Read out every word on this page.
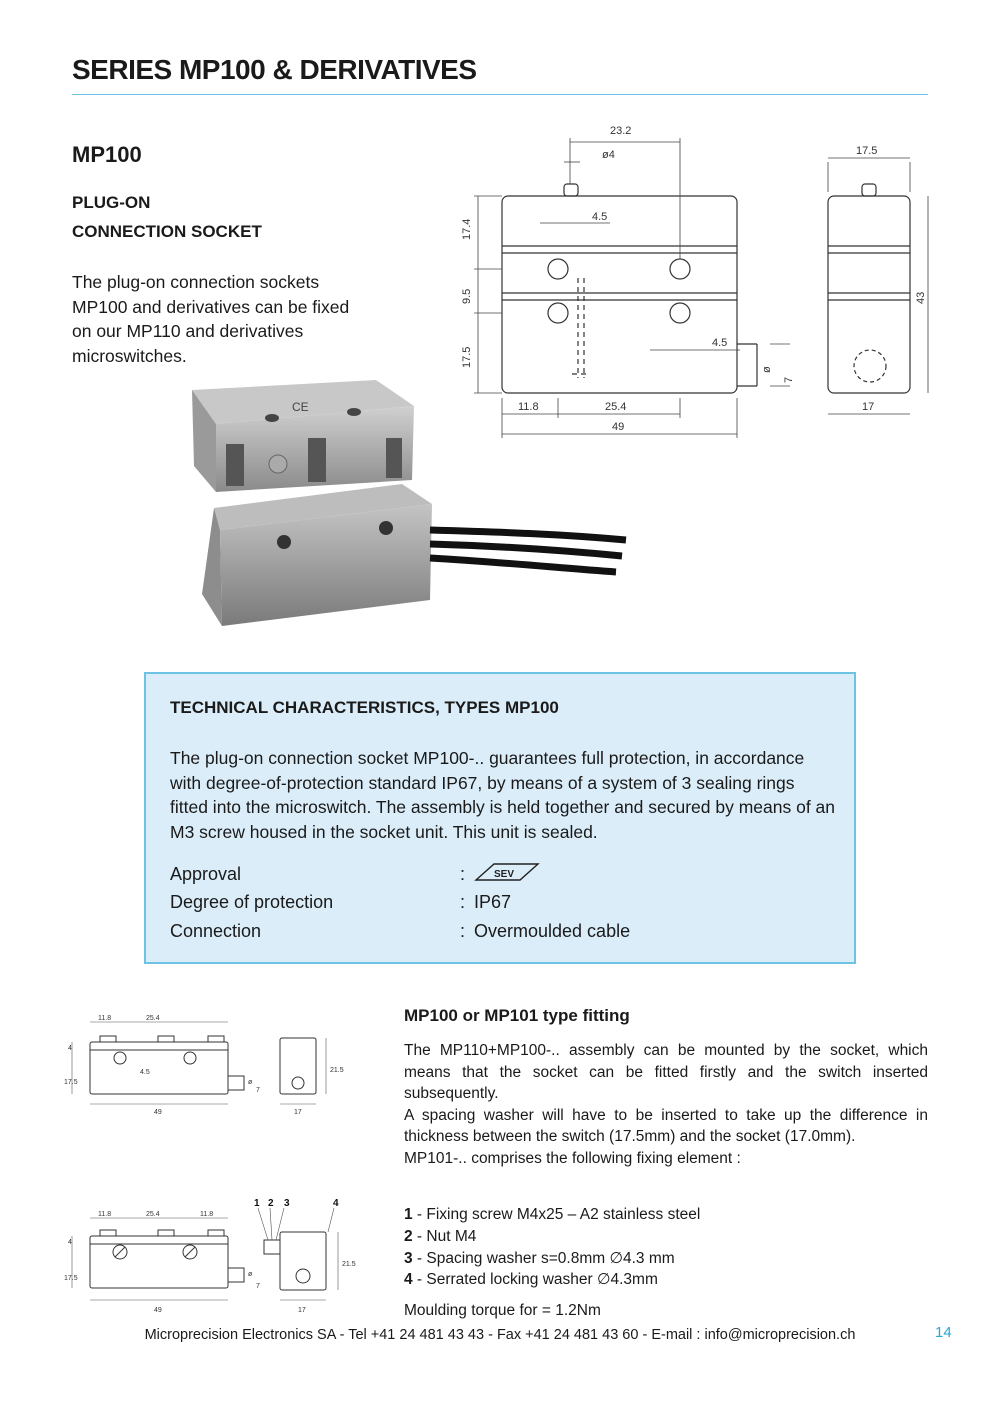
SERIES MP100 & DERIVATIVES
MP100
PLUG-ON
CONNECTION SOCKET

The plug-on connection sockets MP100 and derivatives can be fixed on our MP110 and derivatives microswitches.

23.2
ø4
4.5
17.4
9.5
17.5
4.5
ø
7
11.8	25.4
49
17.5
43
17
CE
TECHNICAL CHARACTERISTICS, TYPES MP100

The plug-on connection socket MP100-.. guarantees full protection, in accordance with degree-of-protection standard IP67, by means of a system of 3 sealing rings fitted into the microswitch. The assembly is held together and secured by means of an M3 screw housed in the socket unit. This unit is sealed.

Approval	:	SEV

Degree of protection	:	IP67
Connection	:	Overmoulded cable
11.8	25.4
4
4.5
17.5	ø
7
49
21.5
17
11.8	25.4	11.8
4
17.5
ø
7
49
21.5
17
1 2 3	4
MP100 or MP101 type fitting
The MP110+MP100-.. assembly can be mounted by the socket, which means that the socket can be fitted firstly and the switch inserted subsequently.
A spacing washer will have to be inserted to take up the difference in thickness between the switch (17.5mm) and the socket (17.0mm).
MP101-.. comprises the following fixing element :
1 - Fixing screw M4x25 – A2 stainless steel
2 - Nut M4
3 - Spacing washer s=0.8mm ∅4.3 mm
4 - Serrated locking washer ∅4.3mm

Moulding torque for = 1.2Nm

Microprecision Electronics SA - Tel +41 24 481 43 43 - Fax +41 24 481 43 60 - E-mail : info@microprecision.ch	14
